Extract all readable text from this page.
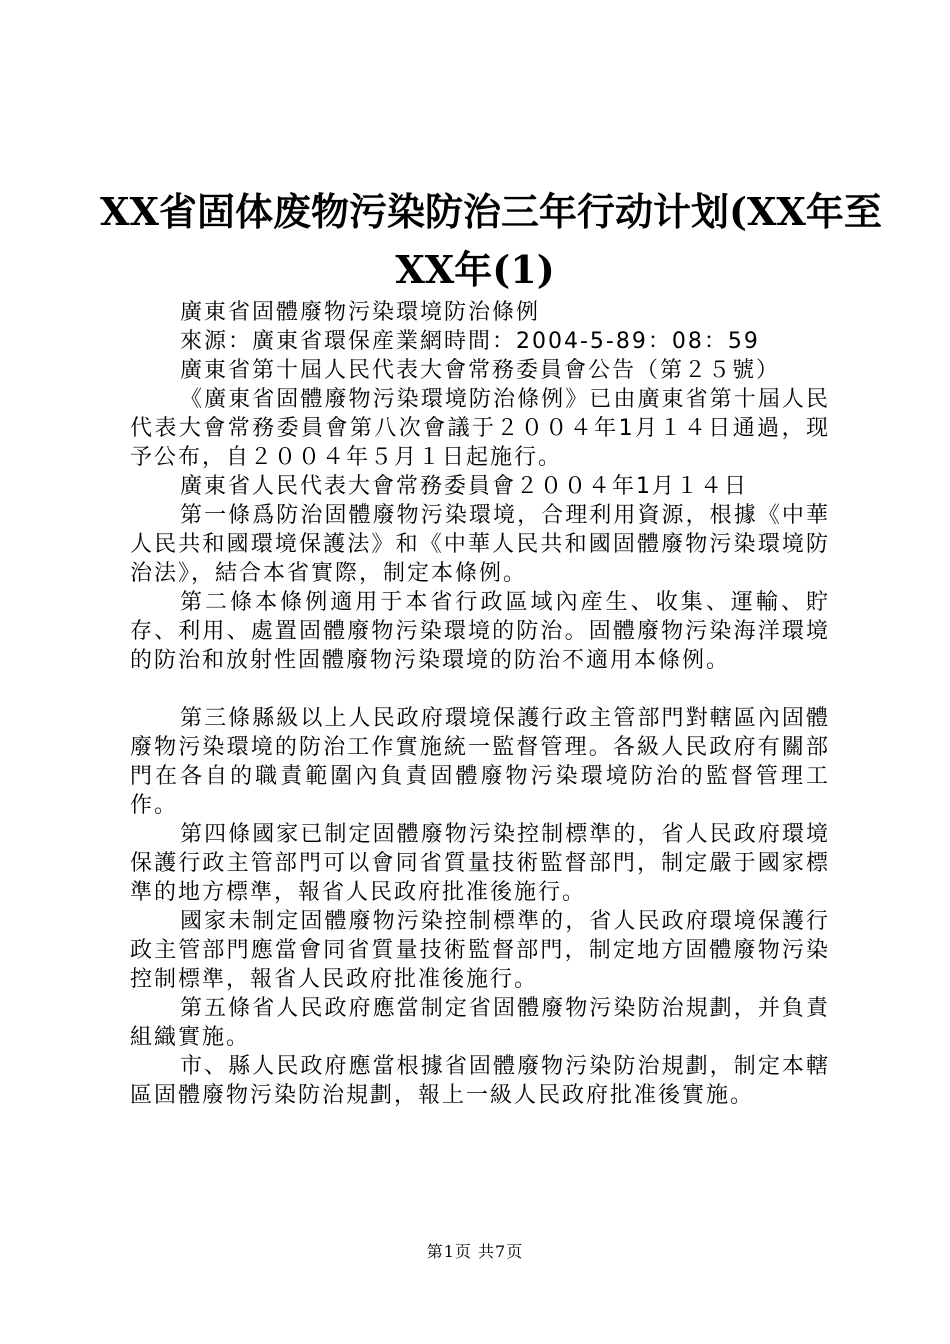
XX省固体废物污染防治三年行动计划(XX年至
XX年(1)

廣東省固體廢物污染環境防治條例

來源：廣東省環保産業網時間：2004-5-89：08：59

廣東省第十屆人民代表大會常務委員會公告（第２５號）

《廣東省固體廢物污染環境防治條例》已由廣東省第十屆人民代表大會常務委員會第八次會議于２００４年1月１４日通過，现予公布，自２００４年５月１日起施行。

廣東省人民代表大會常務委員會２００４年1月１４日

第一條爲防治固體廢物污染環境，合理利用資源，根據《中華人民共和國環境保護法》和《中華人民共和國固體廢物污染環境防治法》，結合本省實際，制定本條例。

第二條本條例適用于本省行政區域內産生、收集、運輸、貯存、利用、處置固體廢物污染環境的防治。固體廢物污染海洋環境的防治和放射性固體廢物污染環境的防治不適用本條例。

第三條縣級以上人民政府環境保護行政主管部門對轄區內固體廢物污染環境的防治工作實施統一監督管理。各級人民政府有關部門在各自的職責範圍內負責固體廢物污染環境防治的監督管理工作。

第四條國家已制定固體廢物污染控制標準的，省人民政府環境保護行政主管部門可以會同省質量技術監督部門，制定嚴于國家標準的地方標準，報省人民政府批准後施行。

國家未制定固體廢物污染控制標準的，省人民政府環境保護行政主管部門應當會同省質量技術監督部門，制定地方固體廢物污染控制標準，報省人民政府批准後施行。

第五條省人民政府應當制定省固體廢物污染防治規劃，并負責組織實施。

市、縣人民政府應當根據省固體廢物污染防治規劃，制定本轄區固體廢物污染防治規劃，報上一級人民政府批准後實施。

第1页 共7页
